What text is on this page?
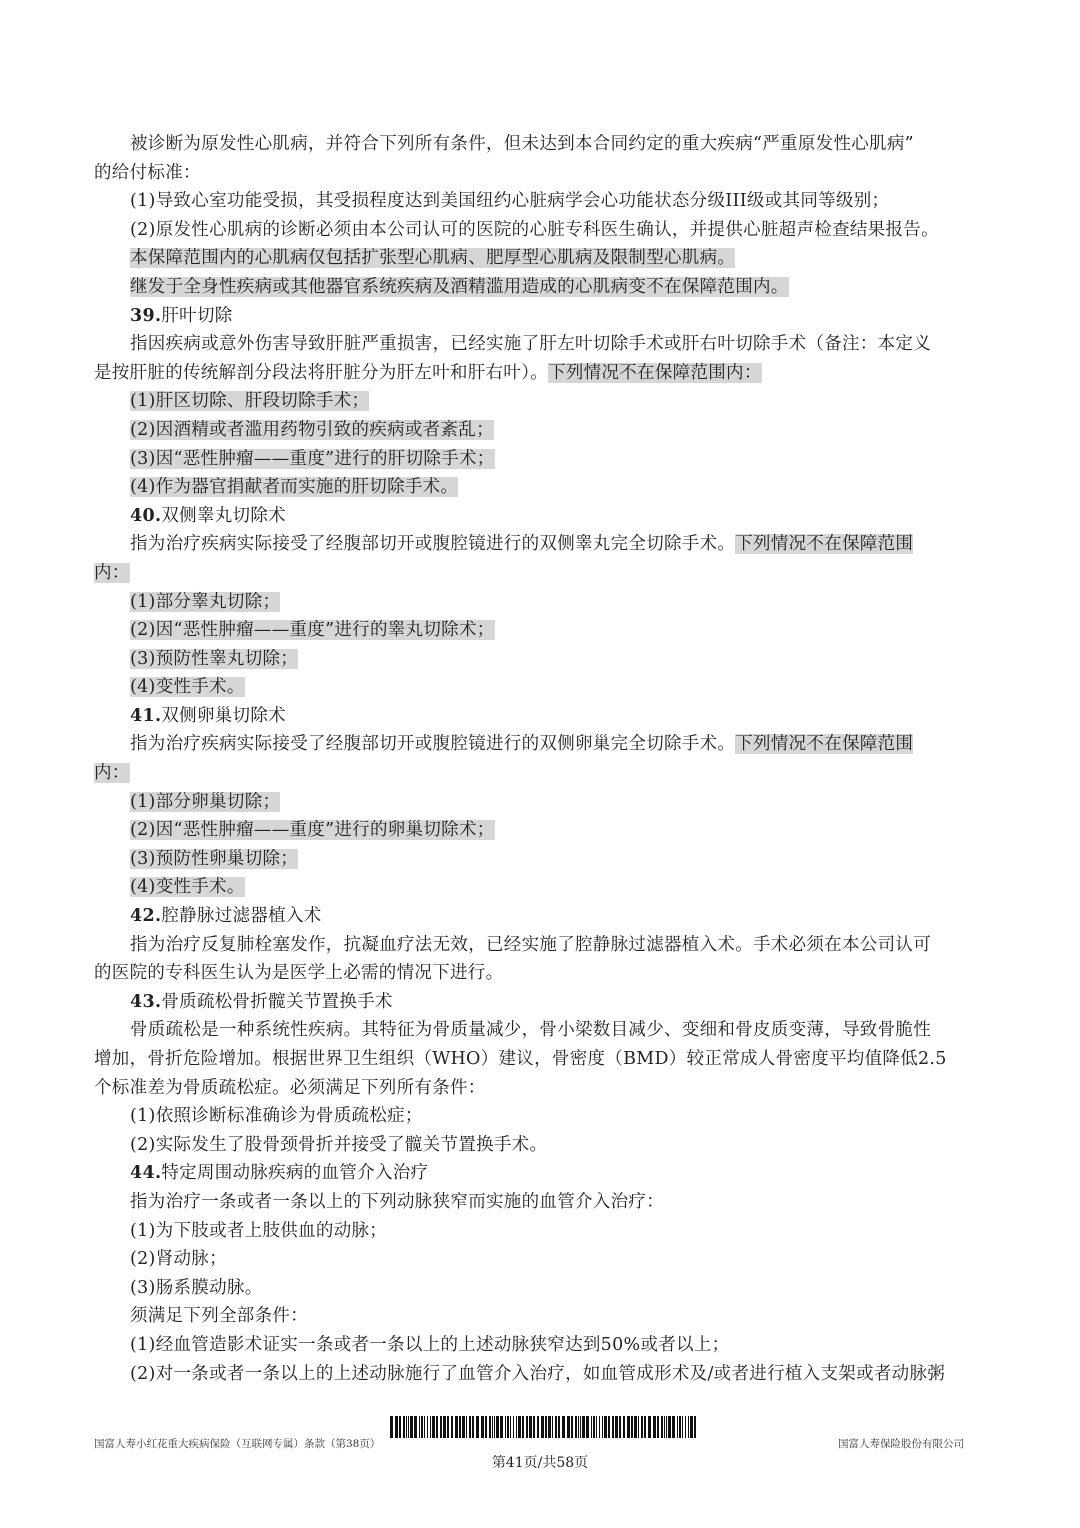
被诊断为原发性心肌病，并符合下列所有条件，但未达到本合同约定的重大疾病“严重原发性心肌病”
的给付标准：
(1)导致心室功能受损，其受损程度达到美国纽约心脏病学会心功能状态分级III级或其同等级别；
(2)原发性心肌病的诊断必须由本公司认可的医院的心脏专科医生确认，并提供心脏超声检查结果报告。
本保障范围内的心肌病仅包括扩张型心肌病、肥厚型心肌病及限制型心肌病。
继发于全身性疾病或其他器官系统疾病及酒精滥用造成的心肌病变不在保障范围内。
39.肝叶切除
指因疾病或意外伤害导致肝脏严重损害，已经实施了肝左叶切除手术或肝右叶切除手术（备注：本定义
是按肝脏的传统解剖分段法将肝脏分为肝左叶和肝右叶）。下列情况不在保障范围内：
(1)肝区切除、肝段切除手术；
(2)因酒精或者滥用药物引致的疾病或者紊乱；
(3)因“恶性肿瘤——重度”进行的肝切除手术；
(4)作为器官捐献者而实施的肝切除手术。
40.双侧睾丸切除术
指为治疗疾病实际接受了经腹部切开或腹腔镜进行的双侧睾丸完全切除手术。下列情况不在保障范围
内：
(1)部分睾丸切除；
(2)因“恶性肿瘤——重度”进行的睾丸切除术；
(3)预防性睾丸切除；
(4)变性手术。
41.双侧卵巢切除术
指为治疗疾病实际接受了经腹部切开或腹腔镜进行的双侧卵巢完全切除手术。下列情况不在保障范围
内：
(1)部分卵巢切除；
(2)因“恶性肿瘤——重度”进行的卵巢切除术；
(3)预防性卵巢切除；
(4)变性手术。
42.腔静脉过滤器植入术
指为治疗反复肺栓塞发作，抗凝血疗法无效，已经实施了腔静脉过滤器植入术。手术必须在本公司认可
的医院的专科医生认为是医学上必需的情况下进行。
43.骨质疏松骨折髋关节置换手术
骨质疏松是一种系统性疾病。其特征为骨质量减少，骨小梁数目减少、变细和骨皮质变薄，导致骨脆性
增加，骨折危险增加。根据世界卫生组织（WHO）建议，骨密度（BMD）较正常成人骨密度平均值降低2.5
个标准差为骨质疏松症。必须满足下列所有条件：
(1)依照诊断标准确诊为骨质疏松症；
(2)实际发生了股骨颈骨折并接受了髋关节置换手术。
44.特定周围动脉疾病的血管介入治疗
指为治疗一条或者一条以上的下列动脉狭窄而实施的血管介入治疗：
(1)为下肢或者上肢供血的动脉；
(2)肾动脉；
(3)肠系膜动脉。
须满足下列全部条件：
(1)经血管造影术证实一条或者一条以上的上述动脉狭窄达到50%或者以上；
(2)对一条或者一条以上的上述动脉施行了血管介入治疗，如血管成形术及/或者进行植入支架或者动脉粥
国富人寿小红花重大疾病保险（互联网专属）条款（第38页）
第41页/共58页
国富人寿保险股份有限公司
